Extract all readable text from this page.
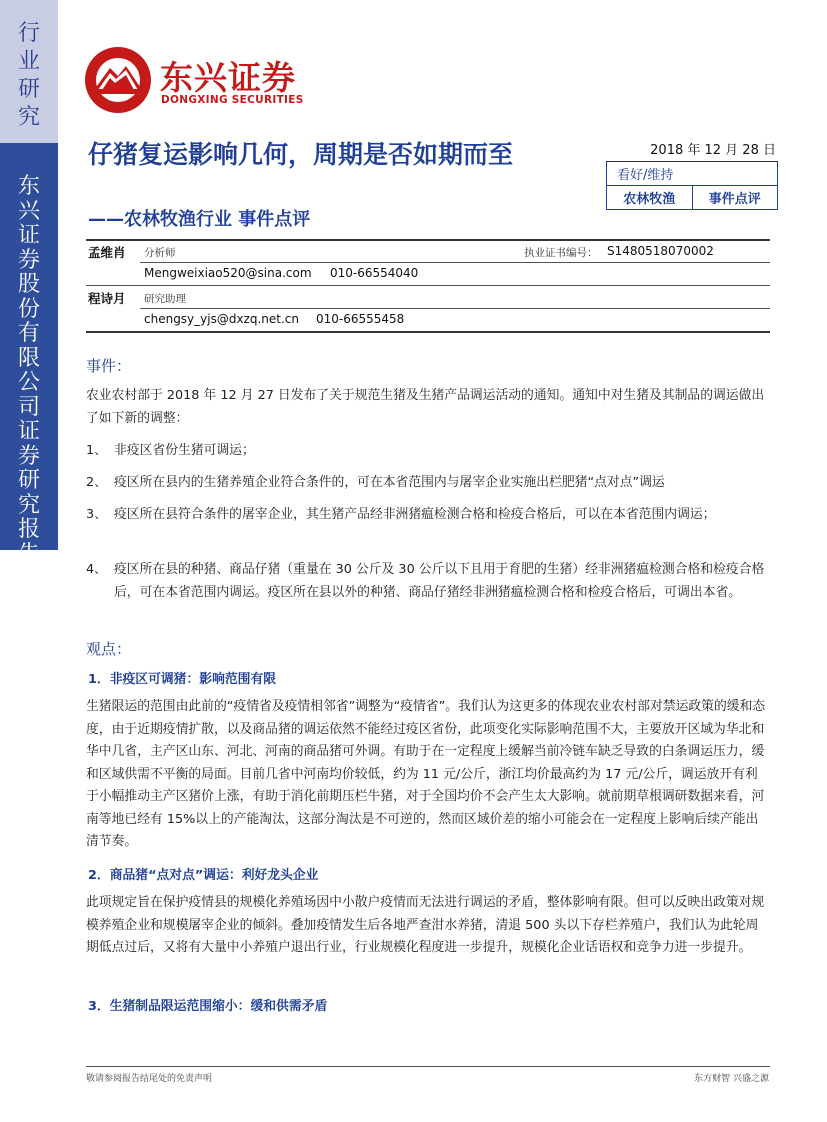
行业研究
东兴证券股份有限公司证券研究报告
东兴证券
DONGXING SECURITIES
仔猪复运影响几何，周期是否如期而至
——农林牧渔行业 事件点评
2018 年 12 月 28 日
看好/维持
农林牧渔	事件点评
孟维肖 分析师	执业证书编号： S1480518070002
Mengweixiao520@sina.com 010-66554040
程诗月 研究助理
chengsy_yjs@dxzq.net.cn 010-66555458
事件：
农业农村部于 2018 年 12 月 27 日发布了关于规范生猪及生猪产品调运活动的通知。通知中对生猪及其制品的调运做出了如下新的调整：
1、 非疫区省份生猪可调运；
2、 疫区所在县内的生猪养殖企业符合条件的，可在本省范围内与屠宰企业实施出栏肥猪“点对点”调运
3、 疫区所在县符合条件的屠宰企业，其生猪产品经非洲猪瘟检测合格和检疫合格后，可以在本省范围内调运；
4、 疫区所在县的种猪、商品仔猪（重量在 30 公斤及 30 公斤以下且用于育肥的生猪）经非洲猪瘟检测合格和检疫合格后，可在本省范围内调运。疫区所在县以外的种猪、商品仔猪经非洲猪瘟检测合格和检疫合格后，可调出本省。
观点：
1．非疫区可调猪：影响范围有限
生猪限运的范围由此前的“疫情省及疫情相邻省”调整为“疫情省”。我们认为这更多的体现农业农村部对禁运政策的缓和态度，由于近期疫情扩散，以及商品猪的调运依然不能经过疫区省份，此项变化实际影响范围不大，主要放开区域为华北和华中几省，主产区山东、河北、河南的商品猪可外调。有助于在一定程度上缓解当前冷链车缺乏导致的白条调运压力，缓和区域供需不平衡的局面。目前几省中河南均价较低，约为 11 元/公斤，浙江均价最高约为 17 元/公斤，调运放开有利于小幅推动主产区猪价上涨，有助于消化前期压栏牛猪，对于全国均价不会产生太大影响。就前期草根调研数据来看，河南等地已经有 15%以上的产能淘汰，这部分淘汰是不可逆的，然而区域价差的缩小可能会在一定程度上影响后续产能出清节奏。
2．商品猪“点对点”调运：利好龙头企业
此项规定旨在保护疫情县的规模化养殖场因中小散户疫情而无法进行调运的矛盾，整体影响有限。但可以反映出政策对规模养殖企业和规模屠宰企业的倾斜。叠加疫情发生后各地严查泔水养猪，清退 500 头以下存栏养殖户，我们认为此轮周期低点过后，又将有大量中小养殖户退出行业，行业规模化程度进一步提升，规模化企业话语权和竞争力进一步提升。
3．生猪制品限运范围缩小：缓和供需矛盾
敬请参阅报告结尾处的免责声明	东方财智 兴盛之源
